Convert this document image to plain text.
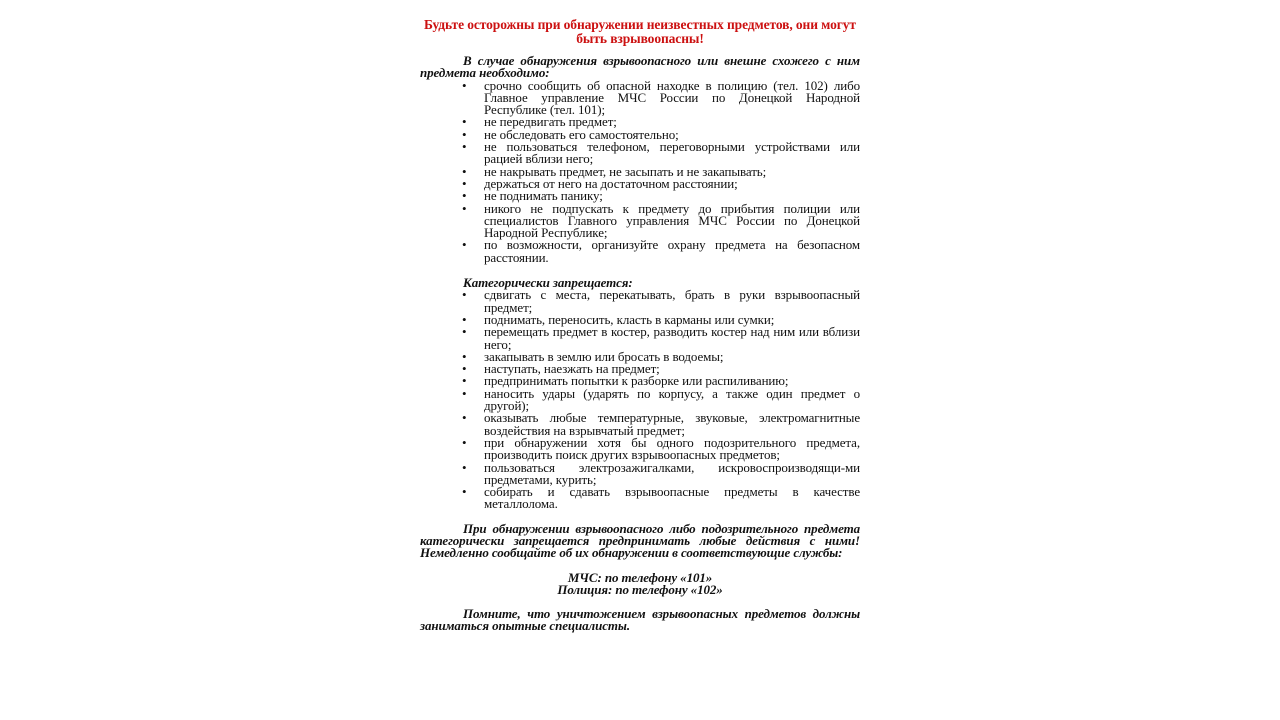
Будьте осторожны при обнаружении неизвестных предметов, они могут быть взрывоопасны!

В случае обнаружения взрывоопасного или внешне схожего с ним предмета необходимо:

• срочно сообщить об опасной находке в полицию (тел. 102) либо Главное управление МЧС России по Донецкой Народной Республике (тел. 101);
• не передвигать предмет;
• не обследовать его самостоятельно;
• не пользоваться телефоном, переговорными устройствами или рацией вблизи него;
• не накрывать предмет, не засыпать и не закапывать;
• держаться от него на достаточном расстоянии;
• не поднимать панику;
• никого не подпускать к предмету до прибытия полиции или специалистов Главного управления МЧС России по Донецкой Народной Республике;
• по возможности, организуйте охрану предмета на безопасном расстоянии.

Категорически запрещается:

• сдвигать с места, перекатывать, брать в руки взрывоопасный предмет;
• поднимать, переносить, класть в карманы или сумки;
• перемещать предмет в костер, разводить костер над ним или вблизи него;
• закапывать в землю или бросать в водоемы;
• наступать, наезжать на предмет;
• предпринимать попытки к разборке или распиливанию;
• наносить удары (ударять по корпусу, а также один предмет о другой);
• оказывать любые температурные, звуковые, электромагнитные воздействия на взрывчатый предмет;
• при обнаружении хотя бы одного подозрительного предмета, производить поиск других взрывоопасных предметов;
• пользоваться электрозажигалками, искровоспроизводящи-ми предметами, курить;
• собирать и сдавать взрывоопасные предметы в качестве металлолома.

При обнаружении взрывоопасного либо подозрительного предмета категорически запрещается предпринимать любые действия с ними! Немедленно сообщайте об их обнаружении в соответствующие службы:

МЧС: по телефону «101»

Полиция: по телефону «102»

Помните, что уничтожением взрывоопасных предметов должны заниматься опытные специалисты.
